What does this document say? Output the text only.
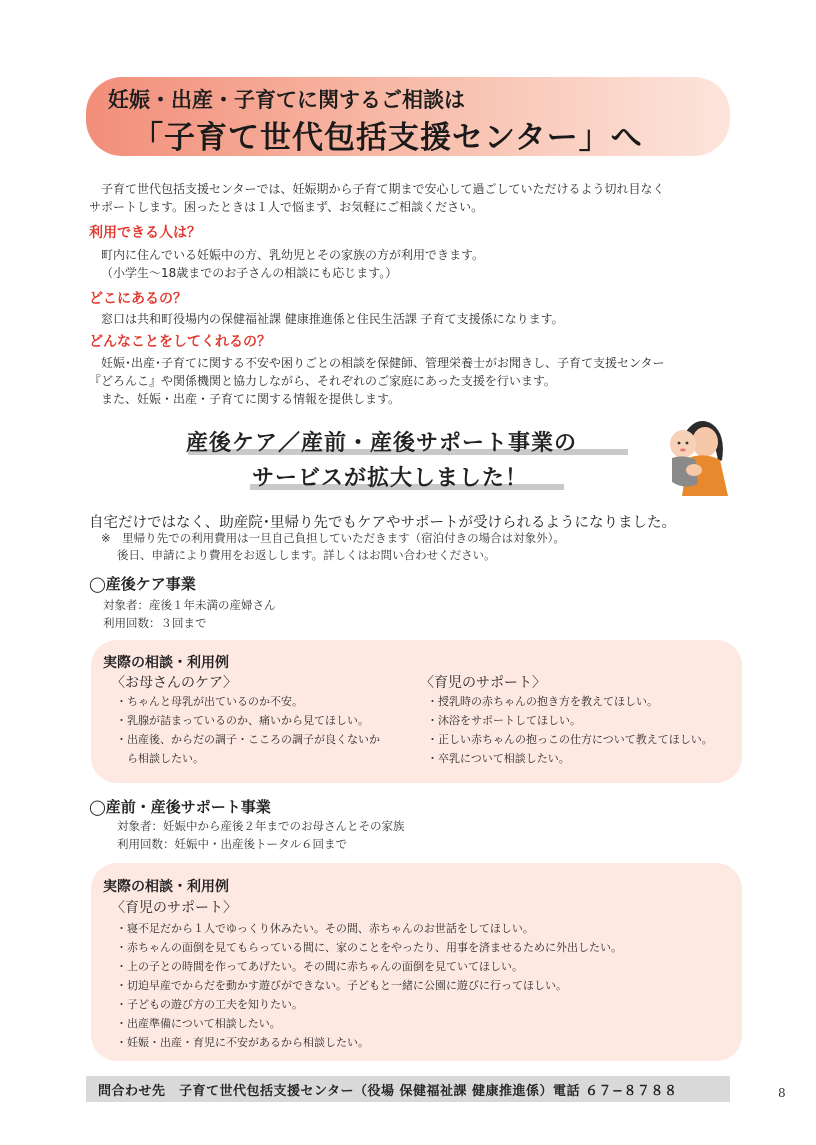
妊娠・出産・子育てに関するご相談は
「子育て世代包括支援センター」へ
子育て世代包括支援センターでは、妊娠期から子育て期まで安心して過ごしていただけるよう切れ目なく
サポートします。困ったときは１人で悩まず、お気軽にご相談ください。
利用できる人は？
町内に住んでいる妊娠中の方、乳幼児とその家族の方が利用できます。
（小学生〜18歳までのお子さんの相談にも応じます。）
どこにあるの？
窓口は共和町役場内の保健福祉課 健康推進係と住民生活課 子育て支援係になります。
どんなことをしてくれるの？
妊娠･出産･子育てに関する不安や困りごとの相談を保健師、管理栄養士がお聞きし、子育て支援センター
『どろんこ』や関係機関と協力しながら、それぞれのご家庭にあった支援を行います。
また、妊娠・出産・子育てに関する情報を提供します。
産後ケア／産前・産後サポート事業の
サービスが拡大しました！
自宅だけではなく、助産院･里帰り先でもケアやサポートが受けられるようになりました。
※　里帰り先での利用費用は一旦自己負担していただきます（宿泊付きの場合は対象外）。
後日、申請により費用をお返しします。詳しくはお問い合わせください。
◯産後ケア事業
対象者：産後１年未満の産婦さん
利用回数：３回まで
実際の相談・利用例
〈お母さんのケア〉
・ちゃんと母乳が出ているのか不安。
・乳腺が詰まっているのか、痛いから見てほしい。
・出産後、からだの調子・こころの調子が良くないか
　ら相談したい。
〈育児のサポート〉
・授乳時の赤ちゃんの抱き方を教えてほしい。
・沐浴をサポートしてほしい。
・正しい赤ちゃんの抱っこの仕方について教えてほしい。
・卒乳について相談したい。
◯産前・産後サポート事業
対象者：妊娠中から産後２年までのお母さんとその家族
利用回数：妊娠中・出産後トータル６回まで
実際の相談・利用例
〈育児のサポート〉
・寝不足だから１人でゆっくり休みたい。その間、赤ちゃんのお世話をしてほしい。
・赤ちゃんの面倒を見てもらっている間に、家のことをやったり、用事を済ませるために外出したい。
・上の子との時間を作ってあげたい。その間に赤ちゃんの面倒を見ていてほしい。
・切迫早産でからだを動かす遊びができない。子どもと一緒に公園に遊びに行ってほしい。
・子どもの遊び方の工夫を知りたい。
・出産準備について相談したい。
・妊娠・出産・育児に不安があるから相談したい。
問合わせ先　子育て世代包括支援センター（役場 保健福祉課 健康推進係）電話 ６７−８７８８	8
